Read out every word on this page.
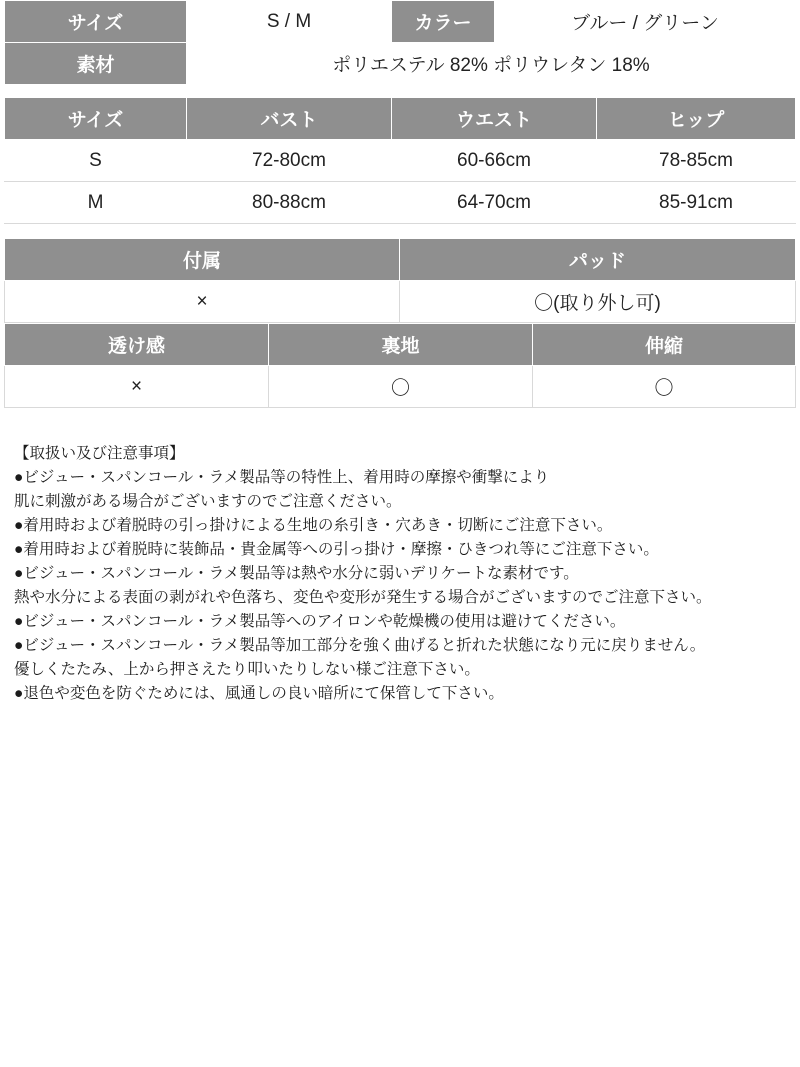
サイズ	S / M	カラー	ブルー / グリーン
素材	ポリエステル 82% ポリウレタン 18%		
サイズ	バスト	ウエスト	ヒップ
S	72-80cm	60-66cm	78-85cm
M	80-88cm	64-70cm	85-91cm
付属	パッド
×	〇(取り外し可)
透け感	裏地	伸縮
×	〇	〇
【取扱い及び注意事項】
●ビジュー・スパンコール・ラメ製品等の特性上、着用時の摩擦や衝撃により
肌に刺激がある場合がございますのでご注意ください。
●着用時および着脱時の引っ掛けによる生地の糸引き・穴あき・切断にご注意下さい。
●着用時および着脱時に装飾品・貴金属等への引っ掛け・摩擦・ひきつれ等にご注意下さい。
●ビジュー・スパンコール・ラメ製品等は熱や水分に弱いデリケートな素材です。
熱や水分による表面の剥がれや色落ち、変色や変形が発生する場合がございますのでご注意下さい。
●ビジュー・スパンコール・ラメ製品等へのアイロンや乾燥機の使用は避けてください。
●ビジュー・スパンコール・ラメ製品等加工部分を強く曲げると折れた状態になり元に戻りません。
優しくたたみ、上から押さえたり叩いたりしない様ご注意下さい。
●退色や変色を防ぐためには、風通しの良い暗所にて保管して下さい。
